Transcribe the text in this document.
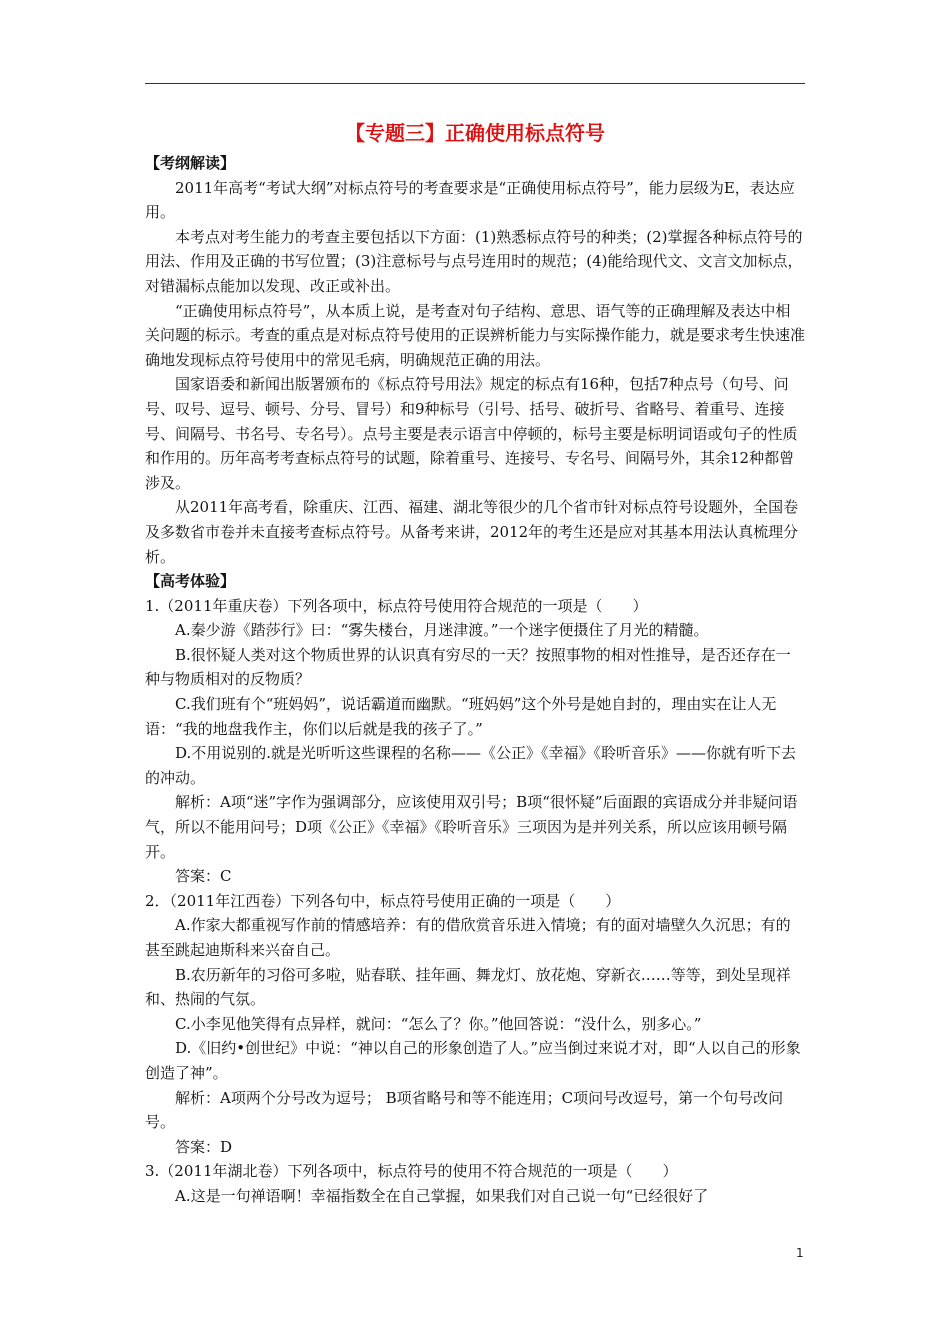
【专题三】正确使用标点符号

【考纲解读】

2011年高考“考试大纲”对标点符号的考查要求是“正确使用标点符号”，能力层级为E，表达应用。

本考点对考生能力的考查主要包括以下方面：(1)熟悉标点符号的种类；(2)掌握各种标点符号的用法、作用及正确的书写位置；(3)注意标号与点号连用时的规范；(4)能给现代文、文言文加标点，对错漏标点能加以发现、改正或补出。

“正确使用标点符号”，从本质上说，是考查对句子结构、意思、语气等的正确理解及表达中相关问题的标示。考查的重点是对标点符号使用的正误辨析能力与实际操作能力，就是要求考生快速准确地发现标点符号使用中的常见毛病，明确规范正确的用法。

国家语委和新闻出版署颁布的《标点符号用法》规定的标点有16种，包括7种点号（句号、问号、叹号、逗号、顿号、分号、冒号）和9种标号（引号、括号、破折号、省略号、着重号、连接号、间隔号、书名号、专名号）。点号主要是表示语言中停顿的，标号主要是标明词语或句子的性质和作用的。历年高考考查标点符号的试题，除着重号、连接号、专名号、间隔号外，其余12种都曾涉及。

从2011年高考看，除重庆、江西、福建、湖北等很少的几个省市针对标点符号设题外，全国卷及多数省市卷并未直接考查标点符号。从备考来讲，2012年的考生还是应对其基本用法认真梳理分析。

【高考体验】

1.（2011年重庆卷）下列各项中，标点符号使用符合规范的一项是（　　）

A.秦少游《踏莎行》曰：“雾失楼台，月迷津渡。”一个迷字便摄住了月光的精髓。

B.很怀疑人类对这个物质世界的认识真有穷尽的一天？按照事物的相对性推导，是否还存在一种与物质相对的反物质？

C.我们班有个“班妈妈”，说话霸道而幽默。“班妈妈”这个外号是她自封的，理由实在让人无语：“我的地盘我作主，你们以后就是我的孩子了。”

D.不用说别的.就是光听听这些课程的名称——《公正》《幸福》《聆听音乐》——你就有听下去的冲动。

解析：A项“迷”字作为强调部分，应该使用双引号；B项“很怀疑”后面跟的宾语成分并非疑问语气，所以不能用问号；D项《公正》《幸福》《聆听音乐》三项因为是并列关系，所以应该用顿号隔开。

答案：C

2．（2011年江西卷）下列各句中，标点符号使用正确的一项是（　　）

A.作家大都重视写作前的情感培养：有的借欣赏音乐进入情境；有的面对墙壁久久沉思；有的甚至跳起迪斯科来兴奋自己。

B.农历新年的习俗可多啦，贴春联、挂年画、舞龙灯、放花炮、穿新衣……等等，到处呈现祥和、热闹的气氛。

C.小李见他笑得有点异样，就问：“怎么了？你。”他回答说：“没什么，别多心。”

D.《旧约•创世纪》中说：“神以自己的形象创造了人。”应当倒过来说才对，即“人以自己的形象创造了神”。

解析：A项两个分号改为逗号； B项省略号和等不能连用；C项问号改逗号，第一个句号改问号。

答案：D

3.（2011年湖北卷）下列各项中，标点符号的使用不符合规范的一项是（　　）

A.这是一句禅语啊！幸福指数全在自己掌握，如果我们对自己说一句“已经很好了

1
